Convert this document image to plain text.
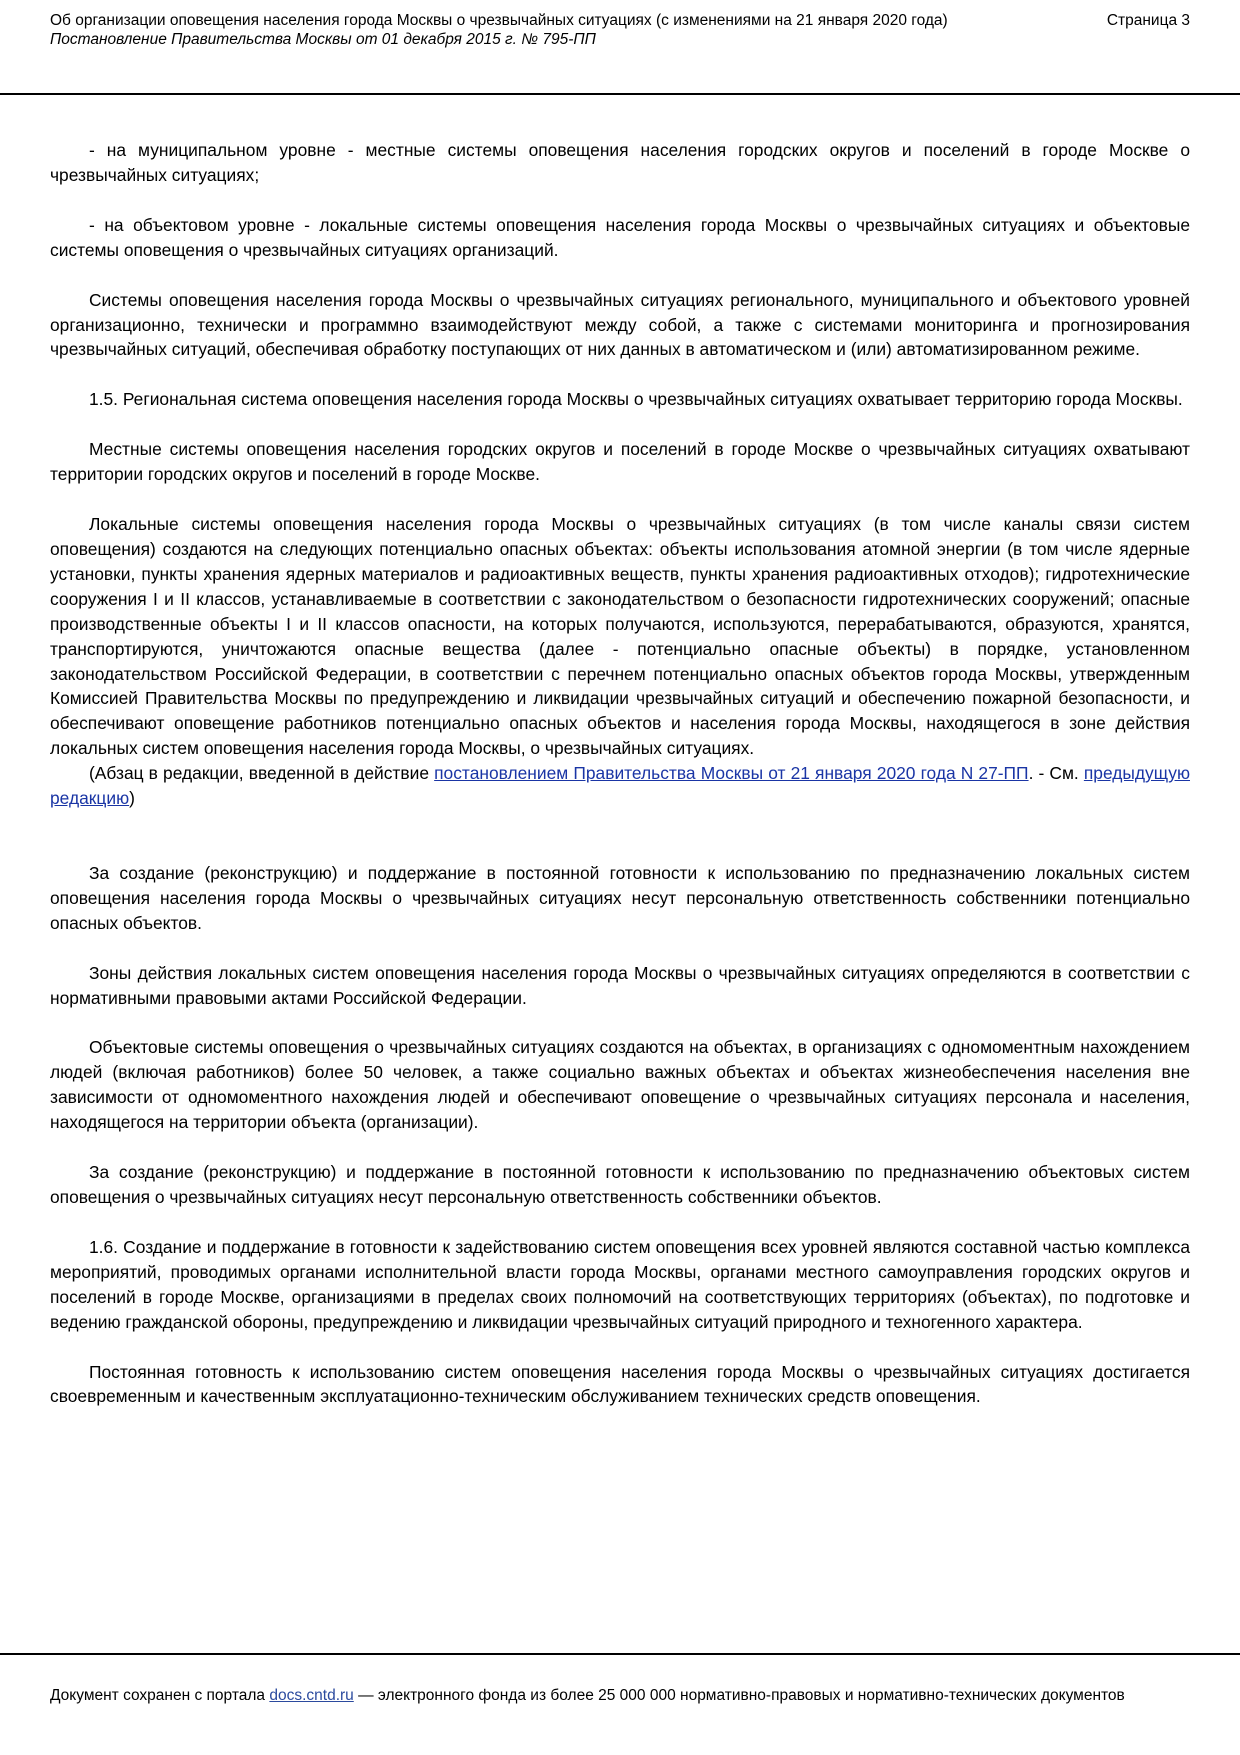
Об организации оповещения населения города Москвы о чрезвычайных ситуациях (с изменениями на 21 января 2020 года)	Страница 3
Постановление Правительства Москвы от 01 декабря 2015 г. № 795-ПП

- на муниципальном уровне - местные системы оповещения населения городских округов и поселений в городе Москве о чрезвычайных ситуациях;

- на объектовом уровне - локальные системы оповещения населения города Москвы о чрезвычайных ситуациях и объектовые системы оповещения о чрезвычайных ситуациях организаций.

Системы оповещения населения города Москвы о чрезвычайных ситуациях регионального, муниципального и объектового уровней организационно, технически и программно взаимодействуют между собой, а также с системами мониторинга и прогнозирования чрезвычайных ситуаций, обеспечивая обработку поступающих от них данных в автоматическом и (или) автоматизированном режиме.

1.5. Региональная система оповещения населения города Москвы о чрезвычайных ситуациях охватывает территорию города Москвы.

Местные системы оповещения населения городских округов и поселений в городе Москве о чрезвычайных ситуациях охватывают территории городских округов и поселений в городе Москве.

Локальные системы оповещения населения города Москвы о чрезвычайных ситуациях (в том числе каналы связи систем оповещения) создаются на следующих потенциально опасных объектах: объекты использования атомной энергии (в том числе ядерные установки, пункты хранения ядерных материалов и радиоактивных веществ, пункты хранения радиоактивных отходов); гидротехнические сооружения I и II классов, устанавливаемые в соответствии с законодательством о безопасности гидротехнических сооружений; опасные производственные объекты I и II классов опасности, на которых получаются, используются, перерабатываются, образуются, хранятся, транспортируются, уничтожаются опасные вещества (далее - потенциально опасные объекты) в порядке, установленном законодательством Российской Федерации, в соответствии с перечнем потенциально опасных объектов города Москвы, утвержденным Комиссией Правительства Москвы по предупреждению и ликвидации чрезвычайных ситуаций и обеспечению пожарной безопасности, и обеспечивают оповещение работников потенциально опасных объектов и населения города Москвы, находящегося в зоне действия локальных систем оповещения населения города Москвы, о чрезвычайных ситуациях.

(Абзац в редакции, введенной в действие постановлением Правительства Москвы от 21 января 2020 года N 27-ПП. - См. предыдущую редакцию)

За создание (реконструкцию) и поддержание в постоянной готовности к использованию по предназначению локальных систем оповещения населения города Москвы о чрезвычайных ситуациях несут персональную ответственность собственники потенциально опасных объектов.

Зоны действия локальных систем оповещения населения города Москвы о чрезвычайных ситуациях определяются в соответствии с нормативными правовыми актами Российской Федерации.

Объектовые системы оповещения о чрезвычайных ситуациях создаются на объектах, в организациях с одномоментным нахождением людей (включая работников) более 50 человек, а также социально важных объектах и объектах жизнеобеспечения населения вне зависимости от одномоментного нахождения людей и обеспечивают оповещение о чрезвычайных ситуациях персонала и населения, находящегося на территории объекта (организации).

За создание (реконструкцию) и поддержание в постоянной готовности к использованию по предназначению объектовых систем оповещения о чрезвычайных ситуациях несут персональную ответственность собственники объектов.

1.6. Создание и поддержание в готовности к задействованию систем оповещения всех уровней являются составной частью комплекса мероприятий, проводимых органами исполнительной власти города Москвы, органами местного самоуправления городских округов и поселений в городе Москве, организациями в пределах своих полномочий на соответствующих территориях (объектах), по подготовке и ведению гражданской обороны, предупреждению и ликвидации чрезвычайных ситуаций природного и техногенного характера.

Постоянная готовность к использованию систем оповещения населения города Москвы о чрезвычайных ситуациях достигается своевременным и качественным эксплуатационно-техническим обслуживанием технических средств оповещения.

Документ сохранен с портала docs.cntd.ru — электронного фонда из более 25 000 000 нормативно-правовых и нормативно-технических документов
